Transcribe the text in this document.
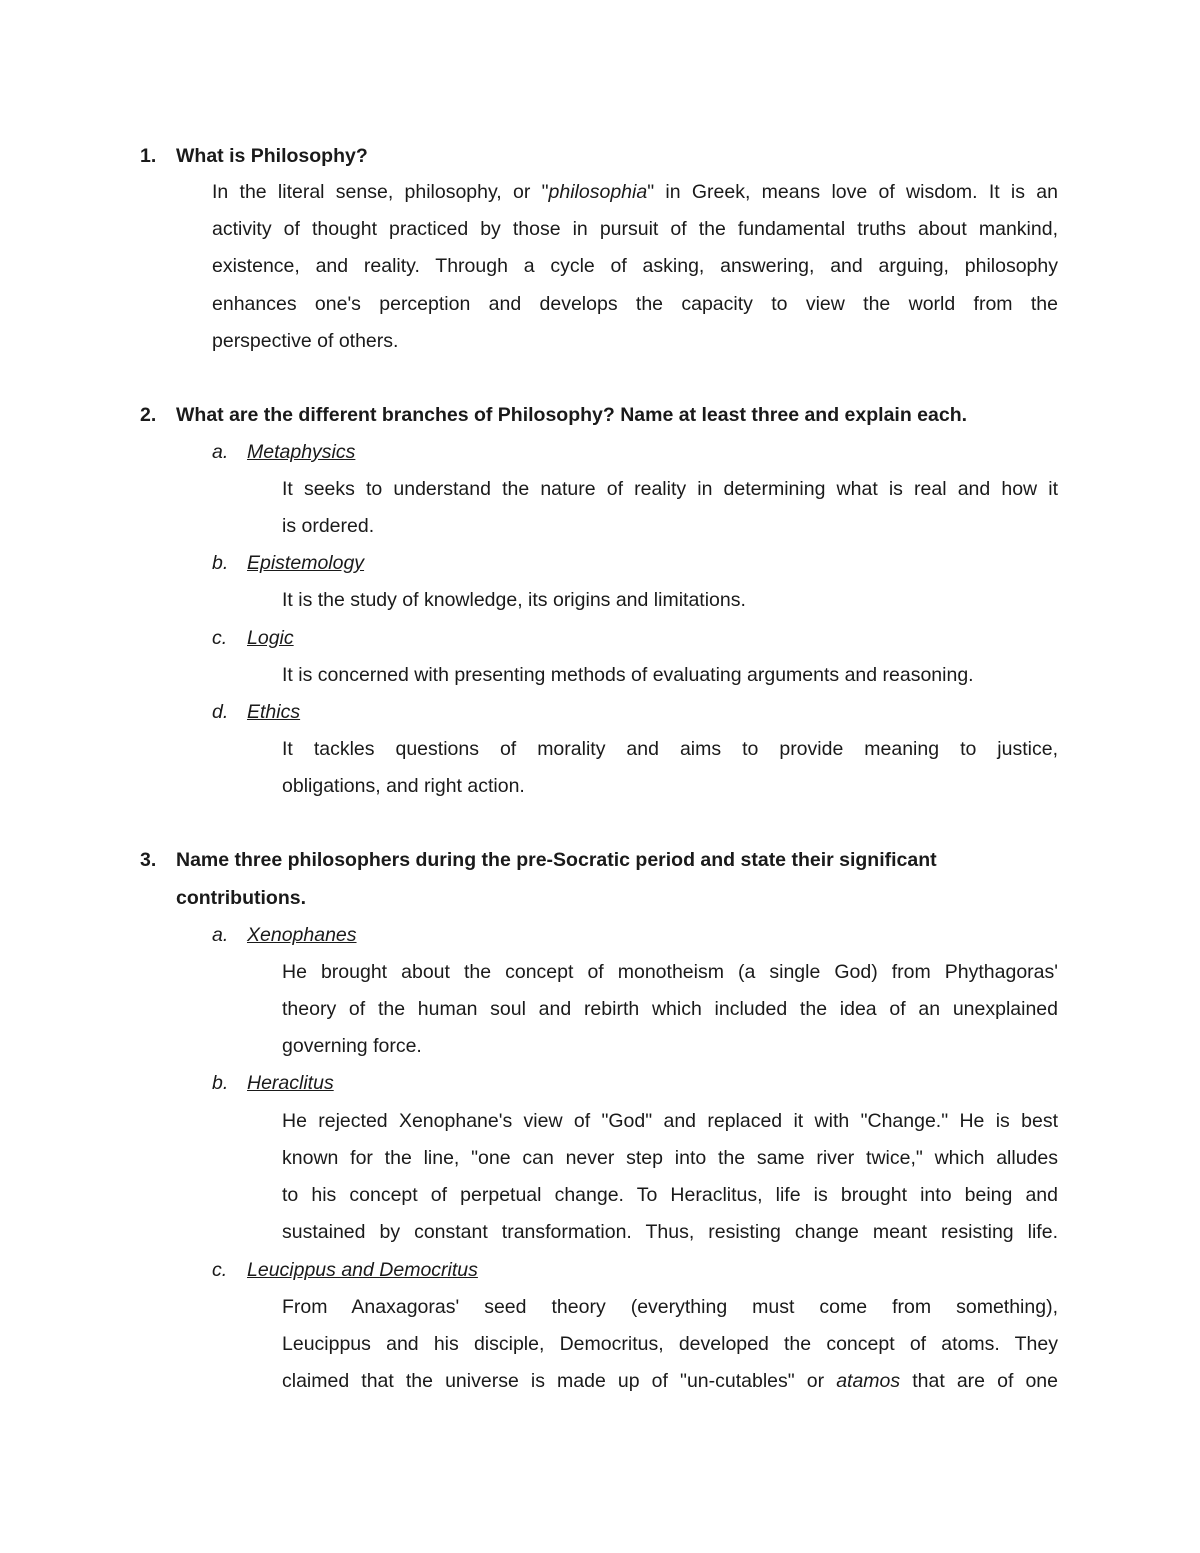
1. What is Philosophy?
In the literal sense, philosophy, or "philosophia" in Greek, means love of wisdom. It is an
activity of thought practiced by those in pursuit of the fundamental truths about mankind,
existence, and reality. Through a cycle of asking, answering, and arguing, philosophy
enhances one's perception and develops the capacity to view the world from the
perspective of others.
2. What are the different branches of Philosophy? Name at least three and explain each.
a. Metaphysics
It seeks to understand the nature of reality in determining what is real and how it
is ordered.
b. Epistemology
It is the study of knowledge, its origins and limitations.
c. Logic
It is concerned with presenting methods of evaluating arguments and reasoning.
d. Ethics
It tackles questions of morality and aims to provide meaning to justice,
obligations, and right action.
3. Name three philosophers during the pre-Socratic period and state their significant
contributions.
a. Xenophanes
He brought about the concept of monotheism (a single God) from Phythagoras'
theory of the human soul and rebirth which included the idea of an unexplained
governing force.
b. Heraclitus
He rejected Xenophane's view of "God" and replaced it with "Change." He is best
known for the line, "one can never step into the same river twice," which alludes
to his concept of perpetual change. To Heraclitus, life is brought into being and
sustained by constant transformation. Thus, resisting change meant resisting life.
c. Leucippus and Democritus
From Anaxagoras' seed theory (everything must come from something),
Leucippus and his disciple, Democritus, developed the concept of atoms. They
claimed that the universe is made up of "un-cutables" or atamos that are of one
